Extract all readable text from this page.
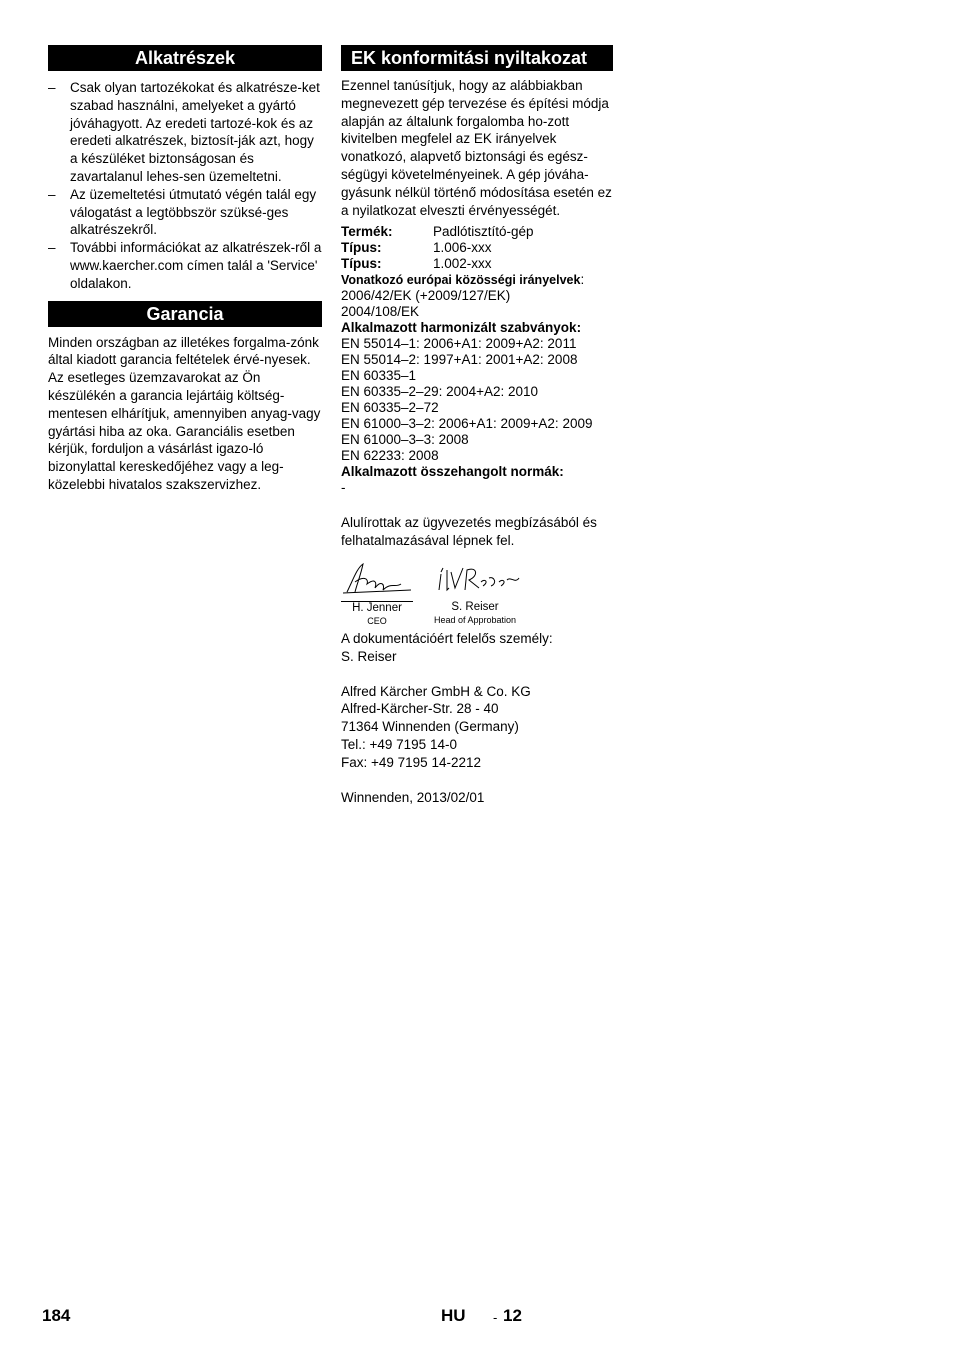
Alkatrészek
– Csak olyan tartozékokat és alkatrésze-ket szabad használni, amelyeket a gyártó jóváhagyott. Az eredeti tartozé-kok és az eredeti alkatrészek, biztosít-ják azt, hogy a készüléket biztonságosan és zavartalanul lehes-sen üzemeltetni.
– Az üzemeltetési útmutató végén talál egy válogatást a legtöbbször szüksé-ges alkatrészekről.
– További információkat az alkatrészek-ről a www.kaercher.com címen talál a 'Service' oldalakon.
Garancia

Minden országban az illetékes forgalma-zónk által kiadott garancia feltételek érvé-nyesek. Az esetleges üzemzavarokat az Ön készülékén a garancia lejártáig költség-mentesen elhárítjuk, amennyiben anyag-vagy gyártási hiba az oka. Garanciális esetben kérjük, forduljon a vásárlást igazo-ló bizonylattal kereskedőjéhez vagy a leg-közelebbi hivatalos szakszervizhez.

EK konformitási nyiltakozat

Ezennel tanúsítjuk, hogy az alábbiakban megnevezett gép tervezése és építési módja alapján az általunk forgalomba ho-zott kivitelben megfelel az EK irányelvek vonatkozó, alapvető biztonsági és egész-ségügyi követelményeinek. A gép jóváha-gyásunk nélkül történő módosítása esetén ez a nyilatkozat elveszti érvényességét.

Termék:	Padlótisztító-gép
Típus:	1.006-xxx
Típus:	1.002-xxx
Vonatkozó európai közösségi irányelvek:
2006/42/EK (+2009/127/EK)
2004/108/EK
Alkalmazott harmonizált szabványok:
EN 55014–1: 2006+A1: 2009+A2: 2011
EN 55014–2: 1997+A1: 2001+A2: 2008
EN 60335–1
EN 60335–2–29: 2004+A2: 2010
EN 60335–2–72
EN 61000–3–2: 2006+A1: 2009+A2: 2009
EN 61000–3–3: 2008
EN 62233: 2008
Alkalmazott összehangolt normák:
-

Alulírottak az ügyvezetés megbízásából és felhatalmazásával lépnek fel.

H. Jenner
CEO
S. Reiser
Head of Approbation
A dokumentációért felelős személy:
S. Reiser
Alfred Kärcher GmbH & Co. KG
Alfred-Kärcher-Str. 28 - 40
71364 Winnenden (Germany)
Tel.: +49 7195 14-0
Fax: +49 7195 14-2212
Winnenden, 2013/02/01
184	HU - 12
